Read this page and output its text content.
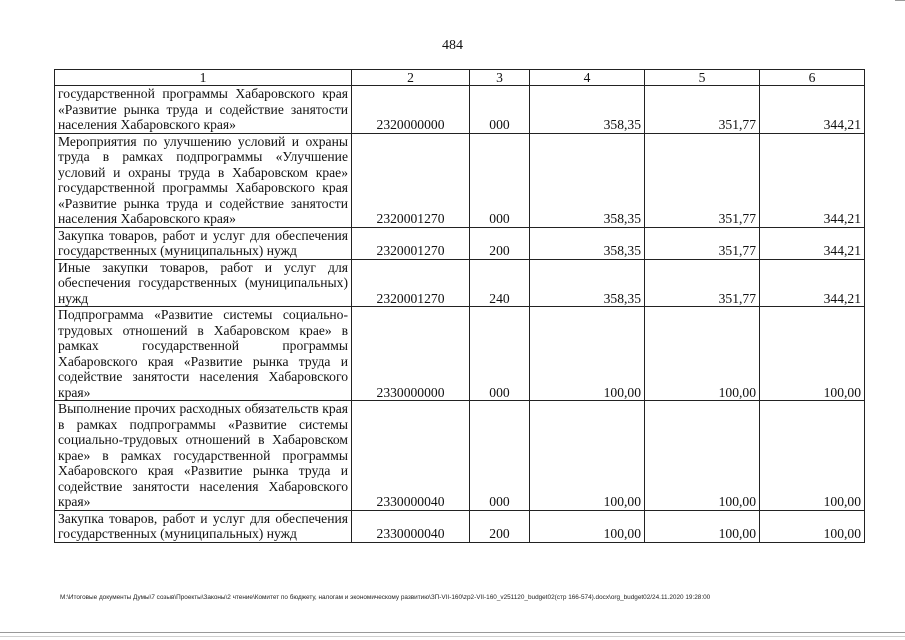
484
1	2	3	4	5	6
государственной программы Хабаровского края «Развитие рынка труда и содействие занятости населения Хабаровского края»	2320000000	000	358,35	351,77	344,21
Мероприятия по улучшению условий и охраны труда в рамках подпрограммы «Улучшение условий и охраны труда в Хабаровском крае» государственной программы Хабаровского края «Развитие рынка труда и содействие занятости населения Хабаровского края»	2320001270	000	358,35	351,77	344,21
Закупка товаров, работ и услуг для обеспечения государственных (муниципальных) нужд	2320001270	200	358,35	351,77	344,21
Иные закупки товаров, работ и услуг для обеспечения государственных (муниципальных) нужд	2320001270	240	358,35	351,77	344,21
Подпрограмма «Развитие системы социально-трудовых отношений в Хабаровском крае» в рамках государственной программы Хабаровского края «Развитие рынка труда и содействие занятости населения Хабаровского края»	2330000000	000	100,00	100,00	100,00
Выполнение прочих расходных обязательств края в рамках подпрограммы «Развитие системы социально-трудовых отношений в Хабаровском крае» в рамках государственной программы Хабаровского края «Развитие рынка труда и содействие занятости населения Хабаровского края»	2330000040	000	100,00	100,00	100,00
Закупка товаров, работ и услуг для обеспечения государственных (муниципальных) нужд	2330000040	200	100,00	100,00	100,00
M:\Итоговые документы Думы\7 созыв\Проекты\Законы\2 чтение\Комитет по бюджету, налогам и экономическому развитию\ЗП-VII-160\zp2-VII-160_v251120_budget02(стр 166-574).docx\org_budget02/24.11.2020 19:28:00
